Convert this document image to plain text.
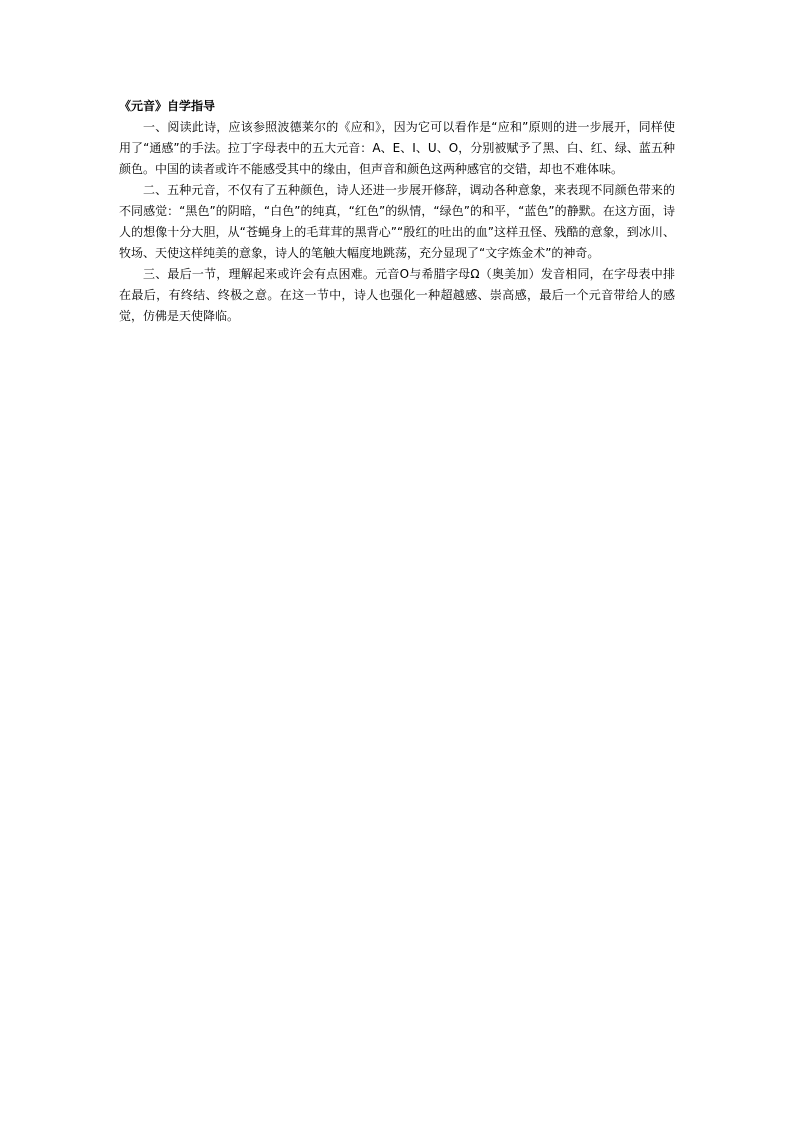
《元音》自学指导

一、阅读此诗，应该参照波德莱尔的《应和》，因为它可以看作是“应和”原则的进一步展开，同样使用了“通感”的手法。拉丁字母表中的五大元音：A、E、I、U、O，分别被赋予了黑、白、红、绿、蓝五种颜色。中国的读者或许不能感受其中的缘由，但声音和颜色这两种感官的交错，却也不难体味。

二、五种元音，不仅有了五种颜色，诗人还进一步展开修辞，调动各种意象，来表现不同颜色带来的不同感觉：“黑色”的阴暗，“白色”的纯真，“红色”的纵情，“绿色”的和平，“蓝色”的静默。在这方面，诗人的想像十分大胆，从“苍蝇身上的毛茸茸的黑背心”“殷红的吐出的血”这样丑怪、残酷的意象，到冰川、牧场、天使这样纯美的意象，诗人的笔触大幅度地跳荡，充分显现了“文字炼金术”的神奇。

三、最后一节，理解起来或许会有点困难。元音O与希腊字母Ω（奥美加）发音相同，在字母表中排在最后，有终结、终极之意。在这一节中，诗人也强化一种超越感、崇高感，最后一个元音带给人的感觉，仿佛是天使降临。
